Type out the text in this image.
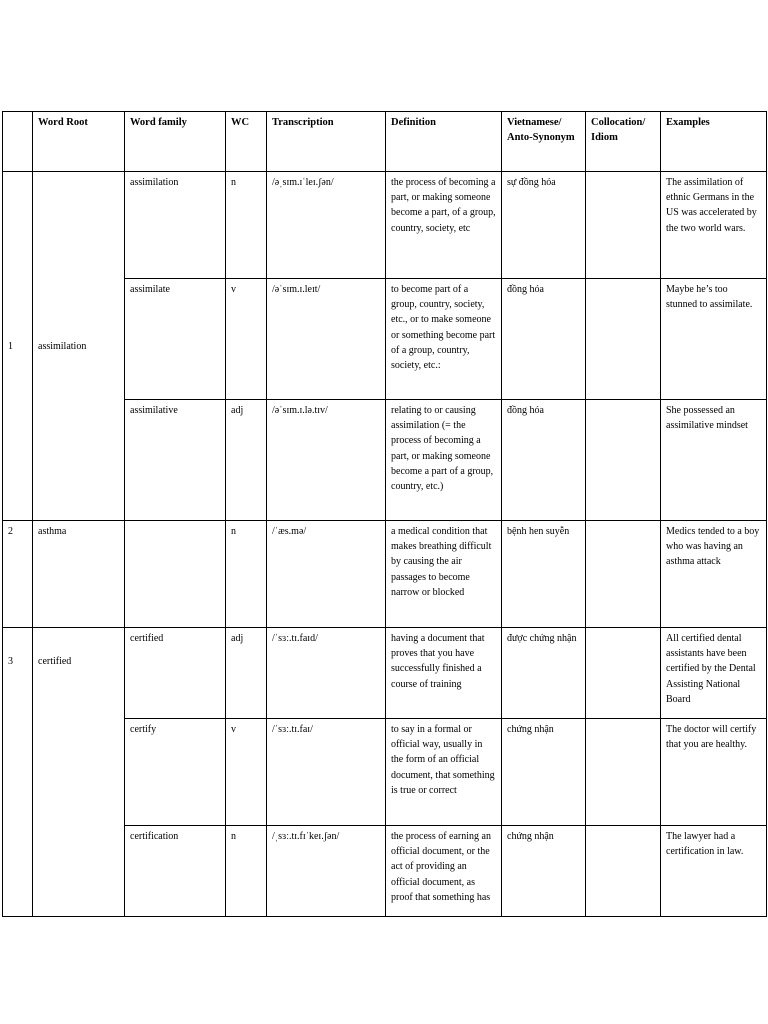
	Word Root	Word family	WC	Transcription	Definition	Vietnamese/ Anto-Synonym	Collocation/ Idiom	Examples
1	assimilation	assimilation	n	/əˌsɪm.ɪˈleɪ.ʃən/	the process of becoming a part, or making someone become a part, of a group, country, society, etc	sự đồng hóa		The assimilation of ethnic Germans in the US was accelerated by the two world wars.
		assimilate	v	/əˈsɪm.ɪ.leɪt/	to become part of a group, country, society, etc., or to make someone or something become part of a group, country, society, etc.:	đồng hóa		Maybe he’s too stunned to assimilate.
		assimilative	adj	/əˈsɪm.ɪ.lə.tɪv/	relating to or causing assimilation (= the process of becoming a part, or making someone become a part of a group, country, etc.)	đồng hóa		She possessed an assimilative mindset
2	asthma		n	/ˈæs.mə/	a medical condition that makes breathing difficult by causing the air passages to become narrow or blocked	bệnh hen suyễn		Medics tended to a boy who was having an asthma attack
3	certified	certified	adj	/ˈsɜː.tɪ.faɪd/	having a document that proves that you have successfully finished a course of training	được chứng nhận		All certified dental assistants have been certified by the Dental Assisting National Board
		certify	v	/ˈsɜː.tɪ.faɪ/	to say in a formal or official way, usually in the form of an official document, that something is true or correct	chứng nhận		The doctor will certify that you are healthy.
		certification	n	/ˌsɜː.tɪ.fɪˈkeɪ.ʃən/	the process of earning an official document, or the act of providing an official document, as proof that something has	chứng nhận		The lawyer had a certification in law.
